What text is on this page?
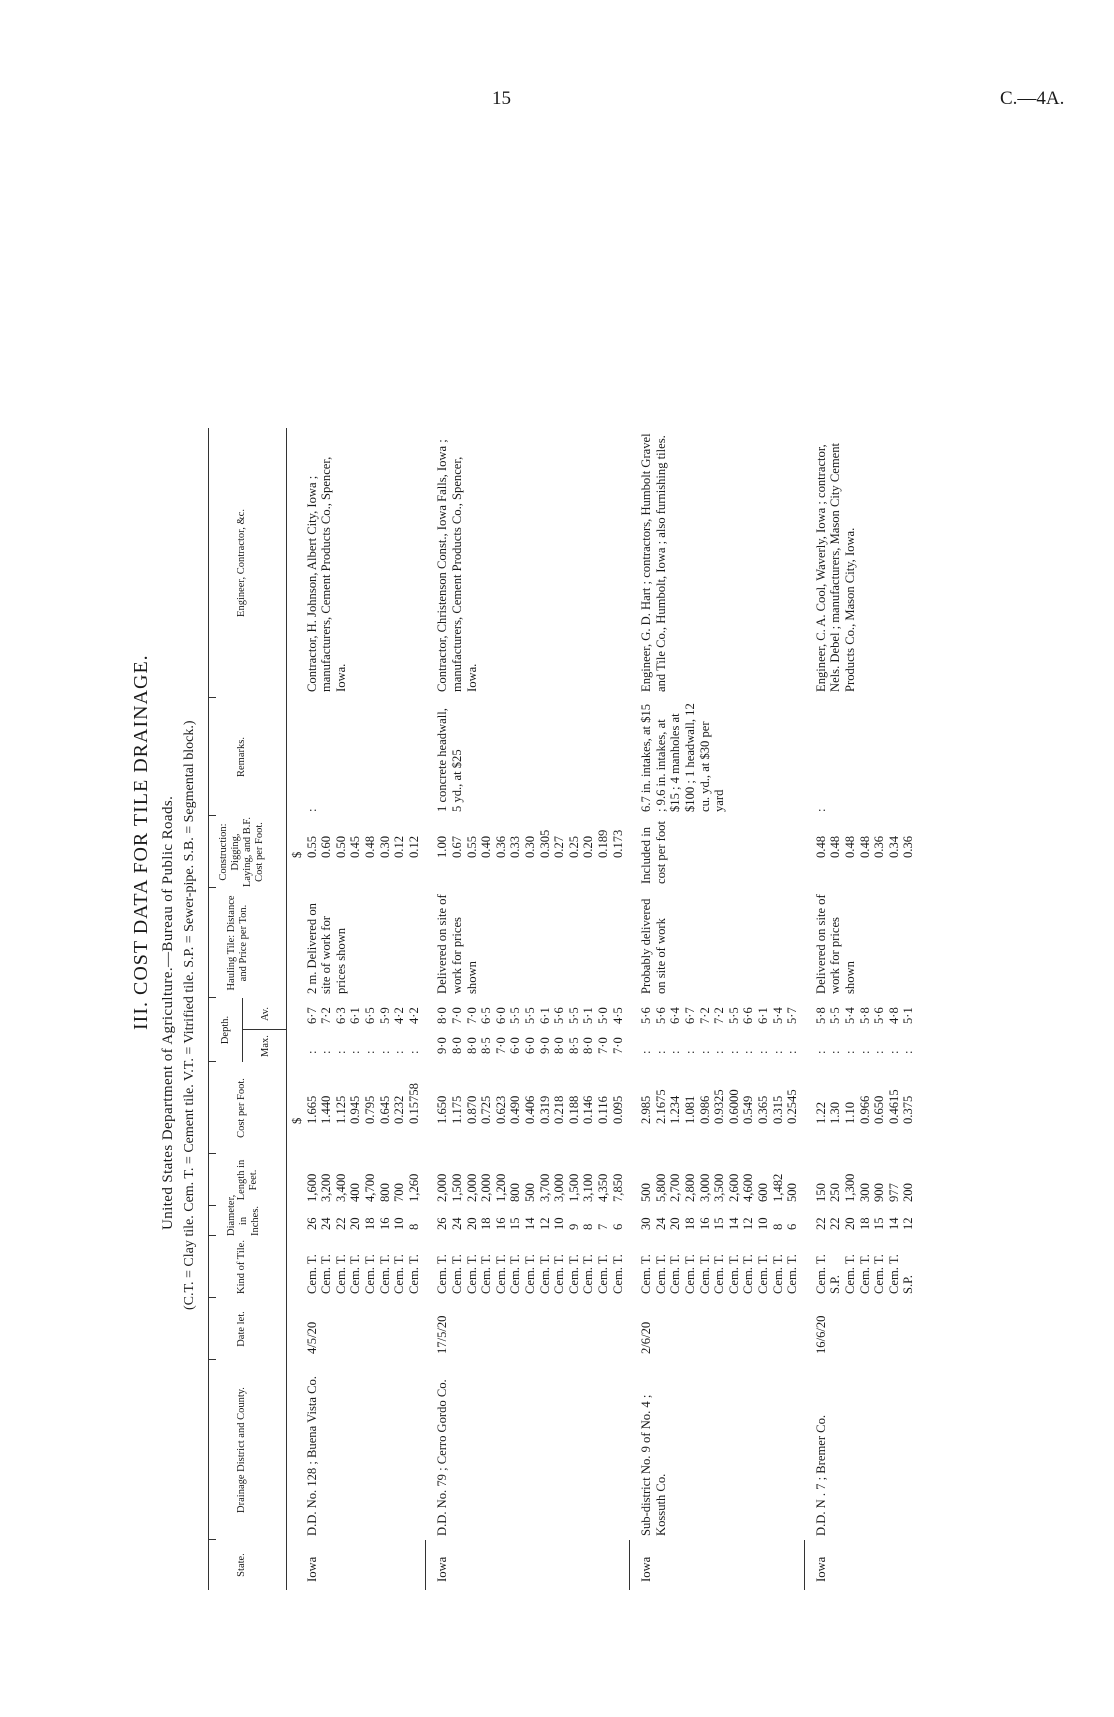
15	C.—4A.
III. COST DATA FOR TILE DRAINAGE. United States Department of Agriculture.—Bureau of Public Roads. (C.T. = Clay tile. Cem. T. = Cement tile. V.T. = Vitrified tile. S.P. = Sewer-pipe. S.B. = Segmental block.)
State.
Drainage District and County.
Date let.
Kind of Tile.
Diameter, in Inches.
Length in Feet.
Cost per Foot.
Depth.
Max.
Av.
Hauling Tile: Distance and Price per Ton.
Construction: Digging, Laying, and B.F. Cost per Foot.
Remarks.
Engineer, Contractor, &c.
$
$
Iowa
D.D. No. 128 ; Buena Vista Co.
4/5/20
Cem. T. Cem. T. Cem. T. Cem. T. Cem. T. Cem. T. Cem. T. Cem. T.
26 24 22 20 18 16 10 8
1,600 3,200 3,400 400 4,700 800 700 1,260
1.665 1.440 1.125 0.945 0.795 0.645 0.232 0.15758
: : : : : : : :
6·7 7·2 6·3 6·1 6·5 5·9 4·2 4·2
0.55 0.60 0.50 0.45 0.48 0.30 0.12 0.12
2 m. Delivered on site of work for prices shown
:
Contractor, H. Johnson, Albert City, Iowa ; manufacturers, Cement Products Co., Spencer, Iowa.
Iowa
D.D. No. 79 ; Cerro Gordo Co.
17/5/20
Cem. T. Cem. T. Cem. T. Cem. T. Cem. T. Cem. T. Cem. T. Cem. T. Cem. T. Cem. T. Cem. T. Cem. T. Cem. T.
26 24 20 18 16 15 14 12 10 9 8 7 6
2,000 1,500 2,000 2,000 1,200 800 500 3,700 3,000 1,500 3,100 4,350 7,850
1.650 1.175 0.870 0.725 0.623 0.490 0.406 0.319 0.218 0.188 0.146 0.116 0.095
9·0 8·0 8·0 8·5 7·0 6·0 6·0 9·0 8·0 8·5 8·0 7·0 7·0
8·0 7·0 7·0 6·5 6·0 5·5 5·5 6·1 5·6 5·5 5·1 5·0 4·5
1.00 0.67 0.55 0.40 0.36 0.33 0.30 0.305 0.27 0.25 0.20 0.189 0.173
Delivered on site of work for prices shown
1 concrete headwall, 5 yd., at $25
Contractor, Christenson Const., Iowa Falls, Iowa ; manufacturers, Cement Products Co., Spencer, Iowa.
Iowa
Sub-district No. 9 of No. 4 ; Kossuth Co.
2/6/20
Cem. T. Cem. T. Cem. T. Cem. T. Cem. T. Cem. T. Cem. T. Cem. T. Cem. T. Cem. T. Cem. T.
30 24 20 18 16 15 14 12 10 8 6
500 5,800 2,700 2,800 3,000 3,500 2,600 4,600 600 1,482 500
2.985 2.1675 1.234 1.081 0.986 0.9325 0.6000 0.549 0.365 0.315 0.2545
: : : : : : : : : : :
5·6 5·6 6·4 6·7 7·2 7·2 5·5 6·6 6·1 5·4 5·7
Probably delivered on site of work
Included in cost per foot
6.7 in. intakes, at $15 ; 9.6 in. intakes, at $15 ; 4 manholes at $100 ; 1 headwall, 12 cu. yd., at $30 per yard
Engineer, G. D. Hart ; contractors, Humbolt Gravel and Tile Co., Humbolt, Iowa ; also furnishing tiles.
Iowa
D.D. N . 7 ; Bremer Co.
16/6/20
Cem. T. S.P. Cem. T. Cem. T. Cem. T. Cem. T. S.P.
22 22 20 18 15 14 12
150 250 1,300 300 900 977 200
1.22 1.30 1.10 0.966 0.650 0.4615 0.375
: : : : : : :
5·8 5·5 5·4 5·8 5·6 4·8 5·1
0.48 0.48 0.48 0.48 0.36 0.34 0.36
Delivered on site of work for prices shown
:
Engineer, C. A. Cool, Waverly, Iowa ; contractor, Nels. Debel ; manufacturers, Mason City Cement Products Co., Mason City, Iowa.
